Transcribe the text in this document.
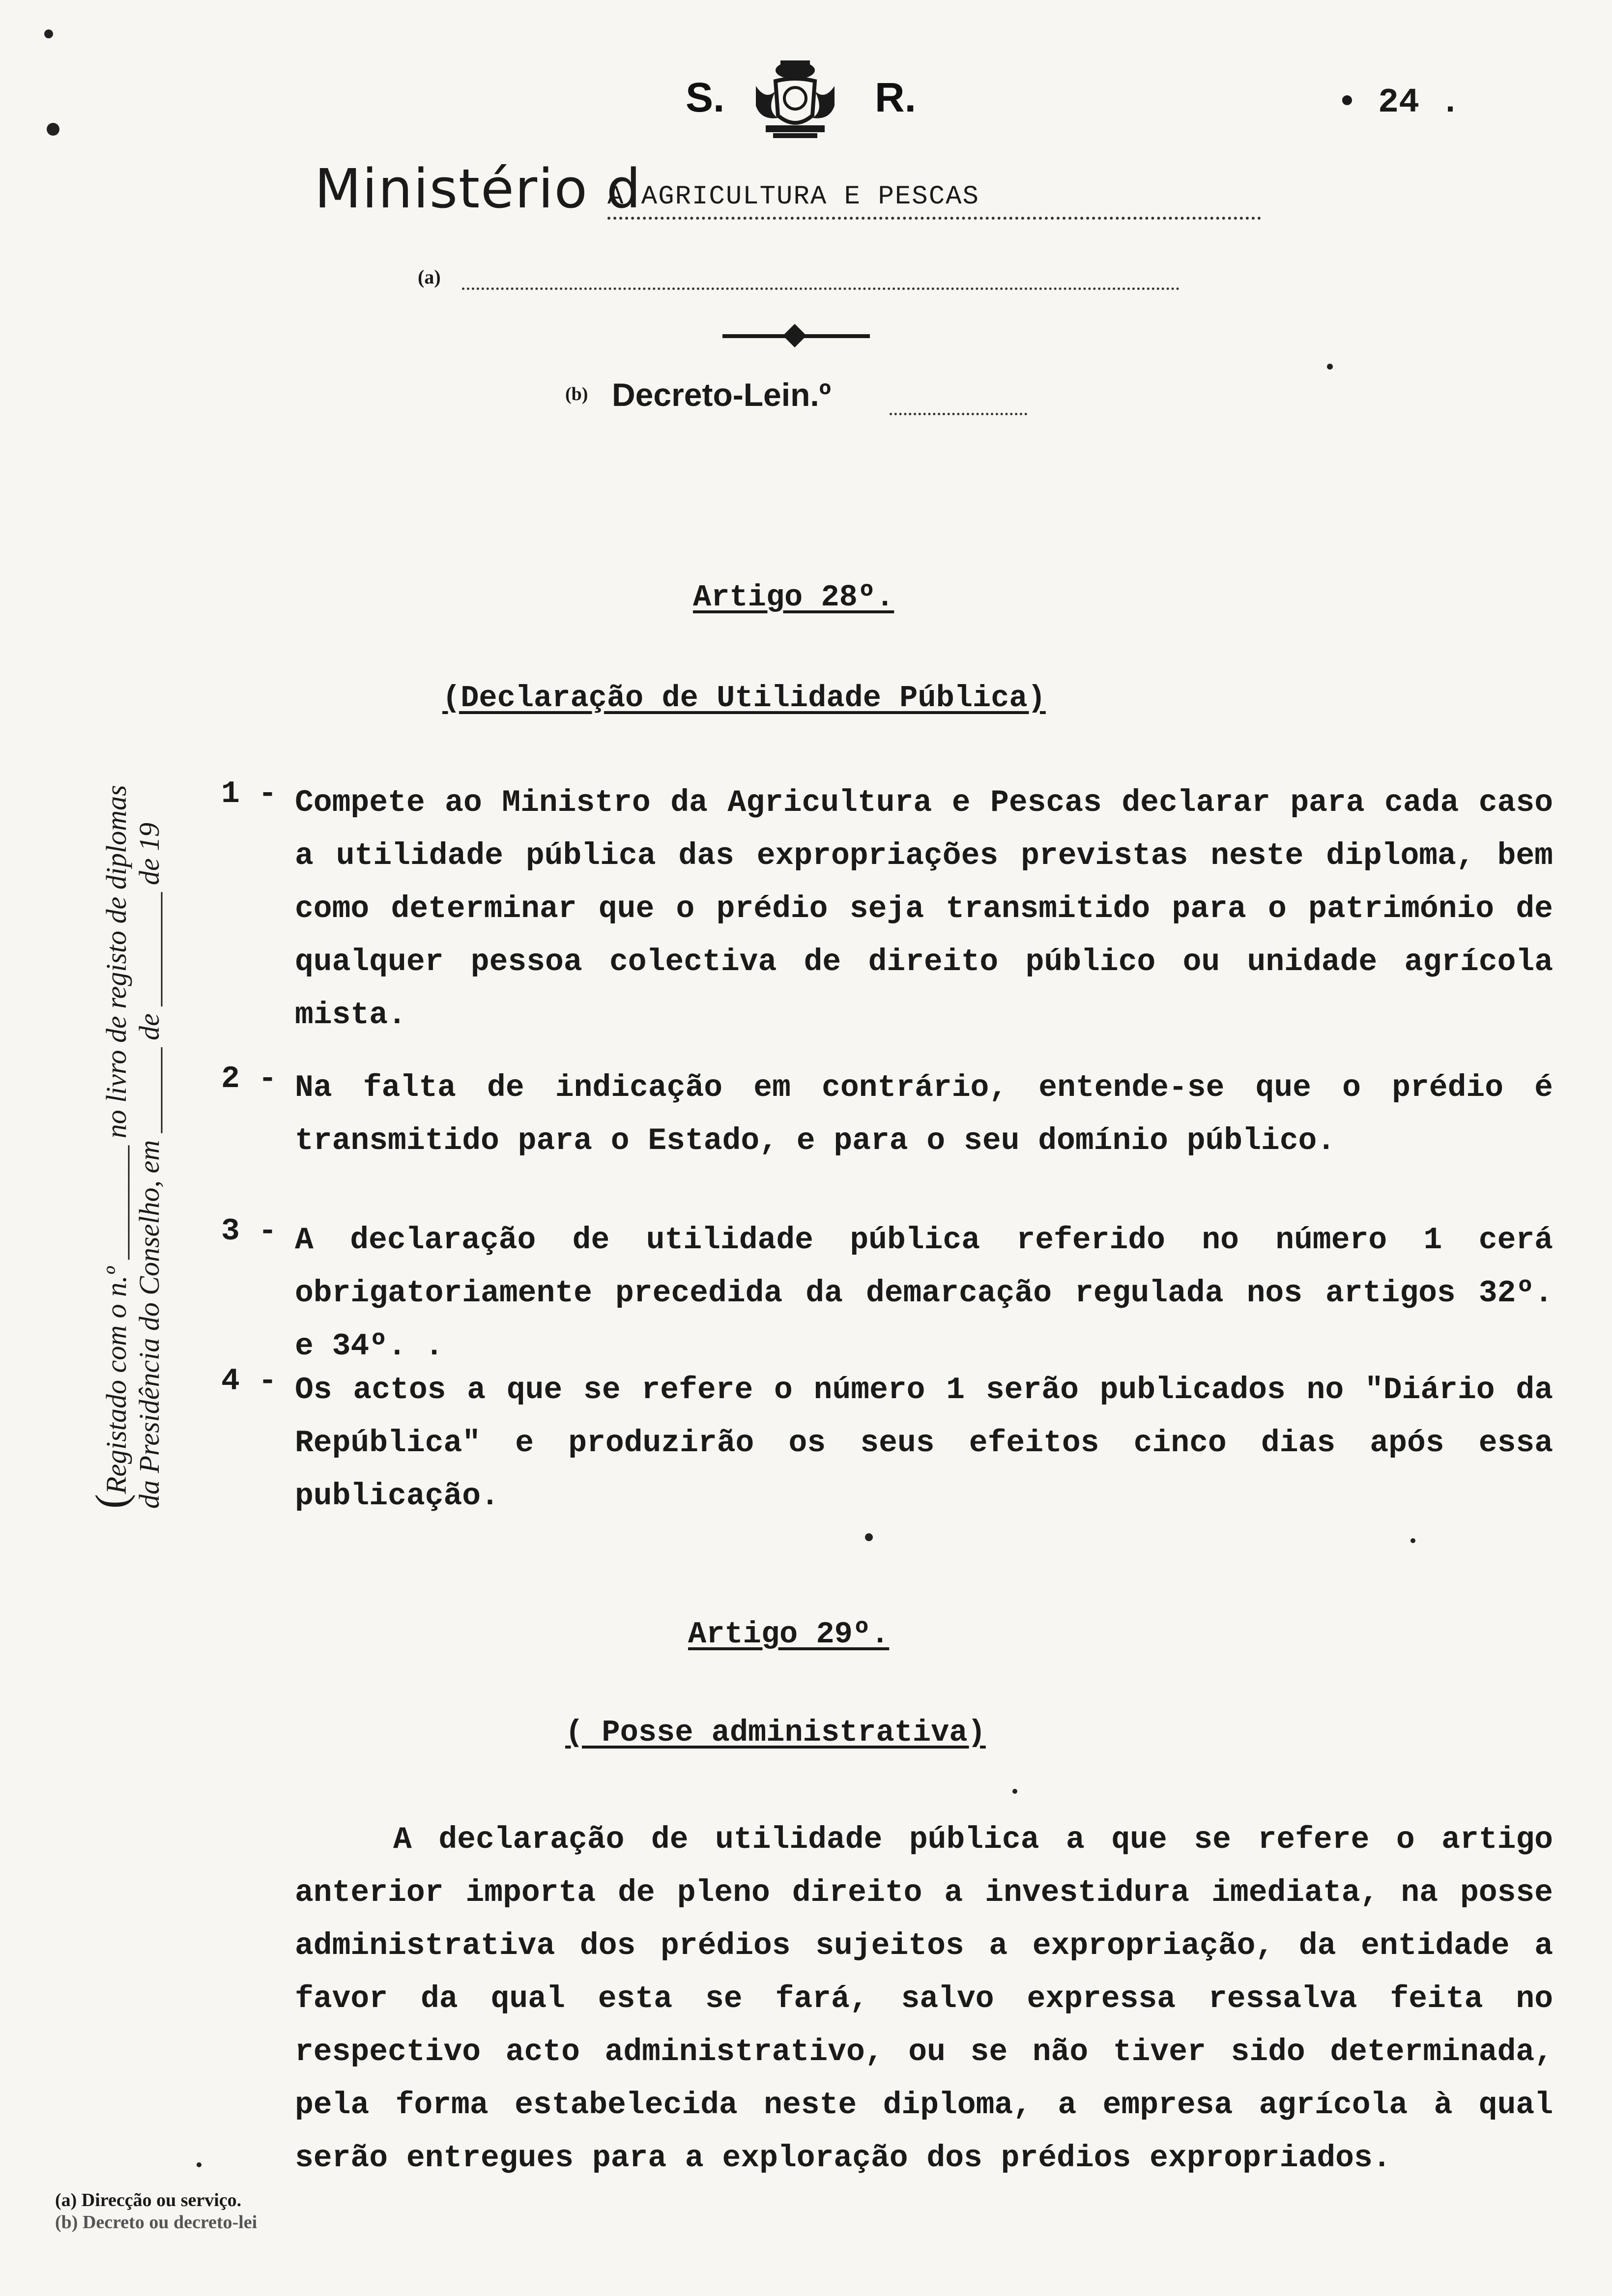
S.	R.	• 24 .
Ministério d
A AGRICULTURA E PESCAS
(a)
(b) Decreto-Lein.º
(Registado com o n.º ________ no livro de registo de diplomas da Presidência do Conselho, em ______ de ________ de 19
Artigo 28º.
(Declaração de Utilidade Pública)
1 - Compete ao Ministro da Agricultura e Pescas declarar para cada caso a utilidade pública das expropriações previstas neste diploma, bem como determinar que o prédio seja transmitido para o património de qualquer pessoa colectiva de direito público ou unidade agrícola mista.
2 - Na falta de indicação em contrário, entende-se que o prédio é transmitido para o Estado, e para o seu domínio público.
3 - A declaração de utilidade pública referido no número 1 cerá obrigatoriamente precedida da demarcação regulada nos artigos 32º. e 34º. .
4 - Os actos a que se refere o número 1 serão publicados no "Diário da República" e produzirão os seus efeitos cinco dias após essa publicação.
Artigo 29º.
( Posse administrativa)
A declaração de utilidade pública a que se refere o artigo anterior importa de pleno direito a investidura imediata, na posse administrativa dos prédios sujeitos a expropriação, da entidade a favor da qual esta se fará, salvo expressa ressalva feita no respectivo acto administrativo, ou se não tiver sido determinada, pela forma estabelecida neste diploma, a empresa agrícola à qual serão entregues para a exploração dos prédios expropriados.
(a) Direcção ou serviço.
(b) Decreto ou decreto-lei
